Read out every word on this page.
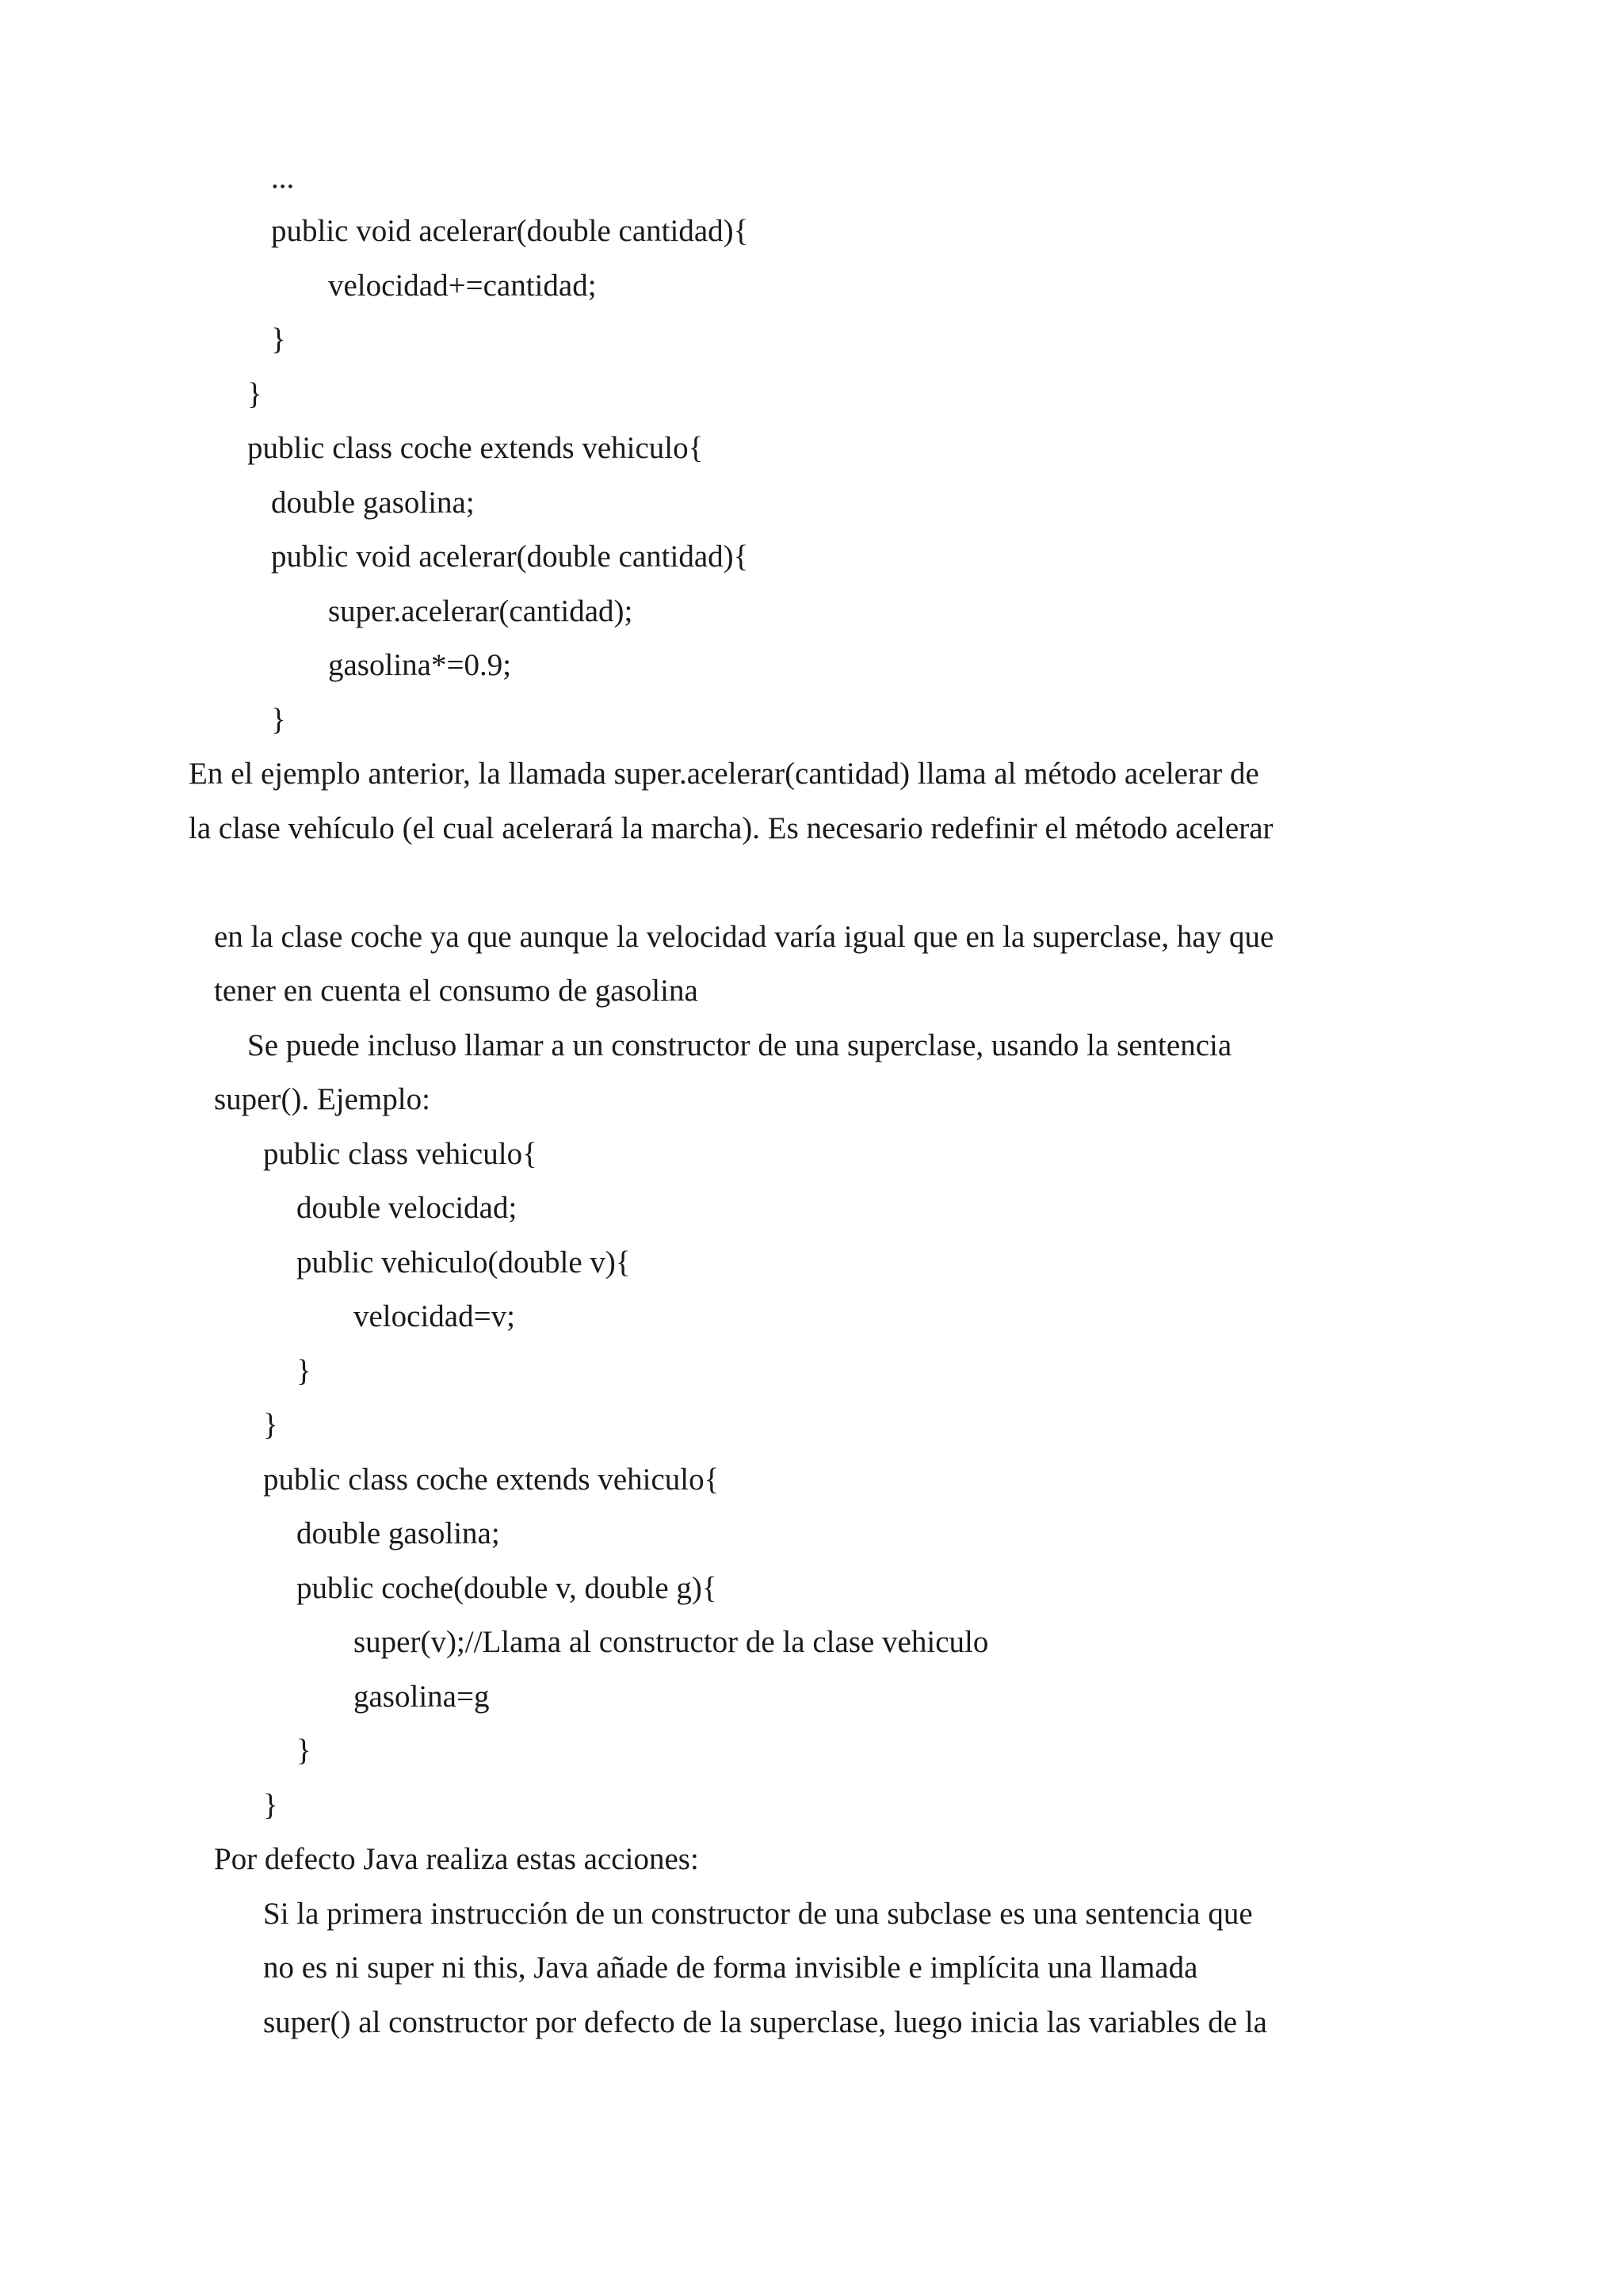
...

public void acelerar(double cantidad){

velocidad+=cantidad;

}

}

public class coche extends vehiculo{

double gasolina;

public void acelerar(double cantidad){

super.acelerar(cantidad);

gasolina*=0.9;

}

En el ejemplo anterior, la llamada super.acelerar(cantidad) llama al método acelerar de

la clase vehículo (el cual acelerará la marcha). Es necesario redefinir el método acelerar

en la clase coche ya que aunque la velocidad varía igual que en la superclase, hay que

tener en cuenta el consumo de gasolina

Se puede incluso llamar a un constructor de una superclase, usando la sentencia

super(). Ejemplo:

public class vehiculo{

double velocidad;

public vehiculo(double v){

velocidad=v;

}

}

public class coche extends vehiculo{

double gasolina;

public coche(double v, double g){

super(v);//Llama al constructor de la clase vehiculo

gasolina=g

}

}

Por defecto Java realiza estas acciones:

Si la primera instrucción de un constructor de una subclase es una sentencia que

no es ni super ni this, Java añade de forma invisible e implícita una llamada

super() al constructor por defecto de la superclase, luego inicia las variables de la
